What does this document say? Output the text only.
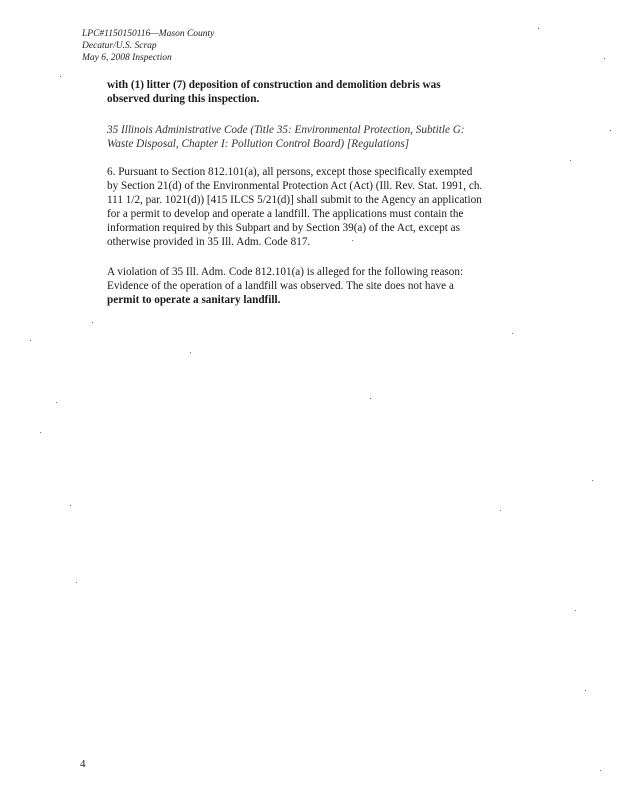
LPC#1150150116—Mason County
Decatur/U.S. Scrap
May 6, 2008 Inspection
with (1) litter (7) deposition of construction and demolition debris was
observed during this inspection.
35 Illinois Administrative Code (Title 35: Environmental Protection, Subtitle G:
Waste Disposal, Chapter I: Pollution Control Board) [Regulations]
6. Pursuant to Section 812.101(a), all persons, except those specifically exempted
by Section 21(d) of the Environmental Protection Act (Act) (Ill. Rev. Stat. 1991, ch.
111 1/2, par. 1021(d)) [415 ILCS 5/21(d)] shall submit to the Agency an application
for a permit to develop and operate a landfill. The applications must contain the
information required by this Subpart and by Section 39(a) of the Act, except as
otherwise provided in 35 Ill. Adm. Code 817.
A violation of 35 Ill. Adm. Code 812.101(a) is alleged for the following reason:
Evidence of the operation of a landfill was observed. The site does not have a
permit to operate a sanitary landfill.
4
